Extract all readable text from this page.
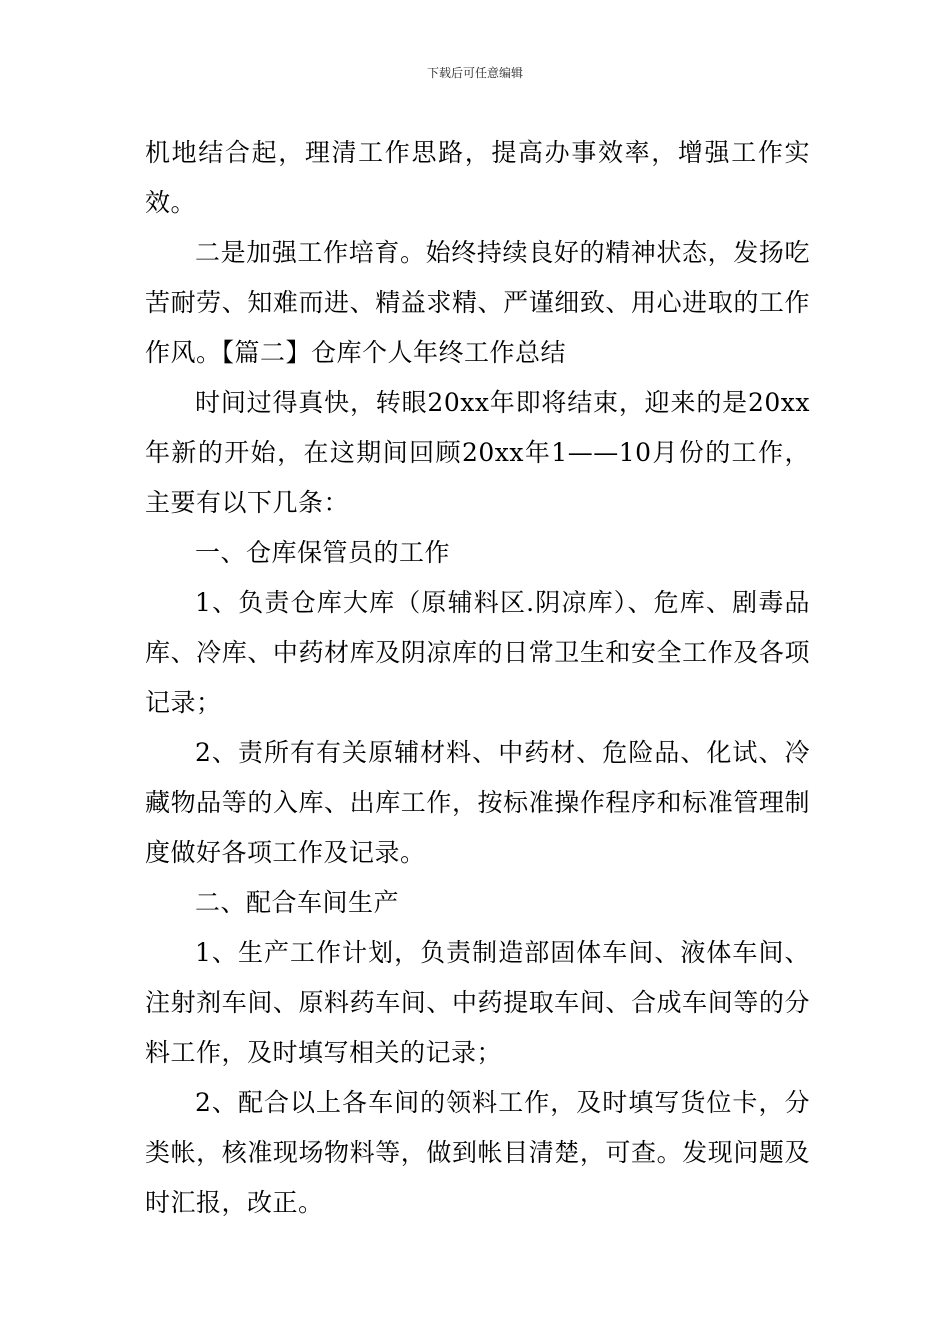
下载后可任意编辑

机地结合起，理清工作思路，提高办事效率，增强工作实效。

二是加强工作培育。始终持续良好的精神状态，发扬吃苦耐劳、知难而进、精益求精、严谨细致、用心进取的工作作风。【篇二】仓库个人年终工作总结

时间过得真快，转眼20xx年即将结束，迎来的是20xx年新的开始，在这期间回顾20xx年1——10月份的工作，主要有以下几条：

一、仓库保管员的工作

1、负责仓库大库（原辅料区.阴凉库）、危库、剧毒品库、冷库、中药材库及阴凉库的日常卫生和安全工作及各项记录；

2、责所有有关原辅材料、中药材、危险品、化试、冷藏物品等的入库、出库工作，按标准操作程序和标准管理制度做好各项工作及记录。

二、配合车间生产

1、生产工作计划，负责制造部固体车间、液体车间、注射剂车间、原料药车间、中药提取车间、合成车间等的分料工作，及时填写相关的记录；

2、配合以上各车间的领料工作，及时填写货位卡，分类帐，核准现场物料等，做到帐目清楚，可查。发现问题及时汇报，改正。
